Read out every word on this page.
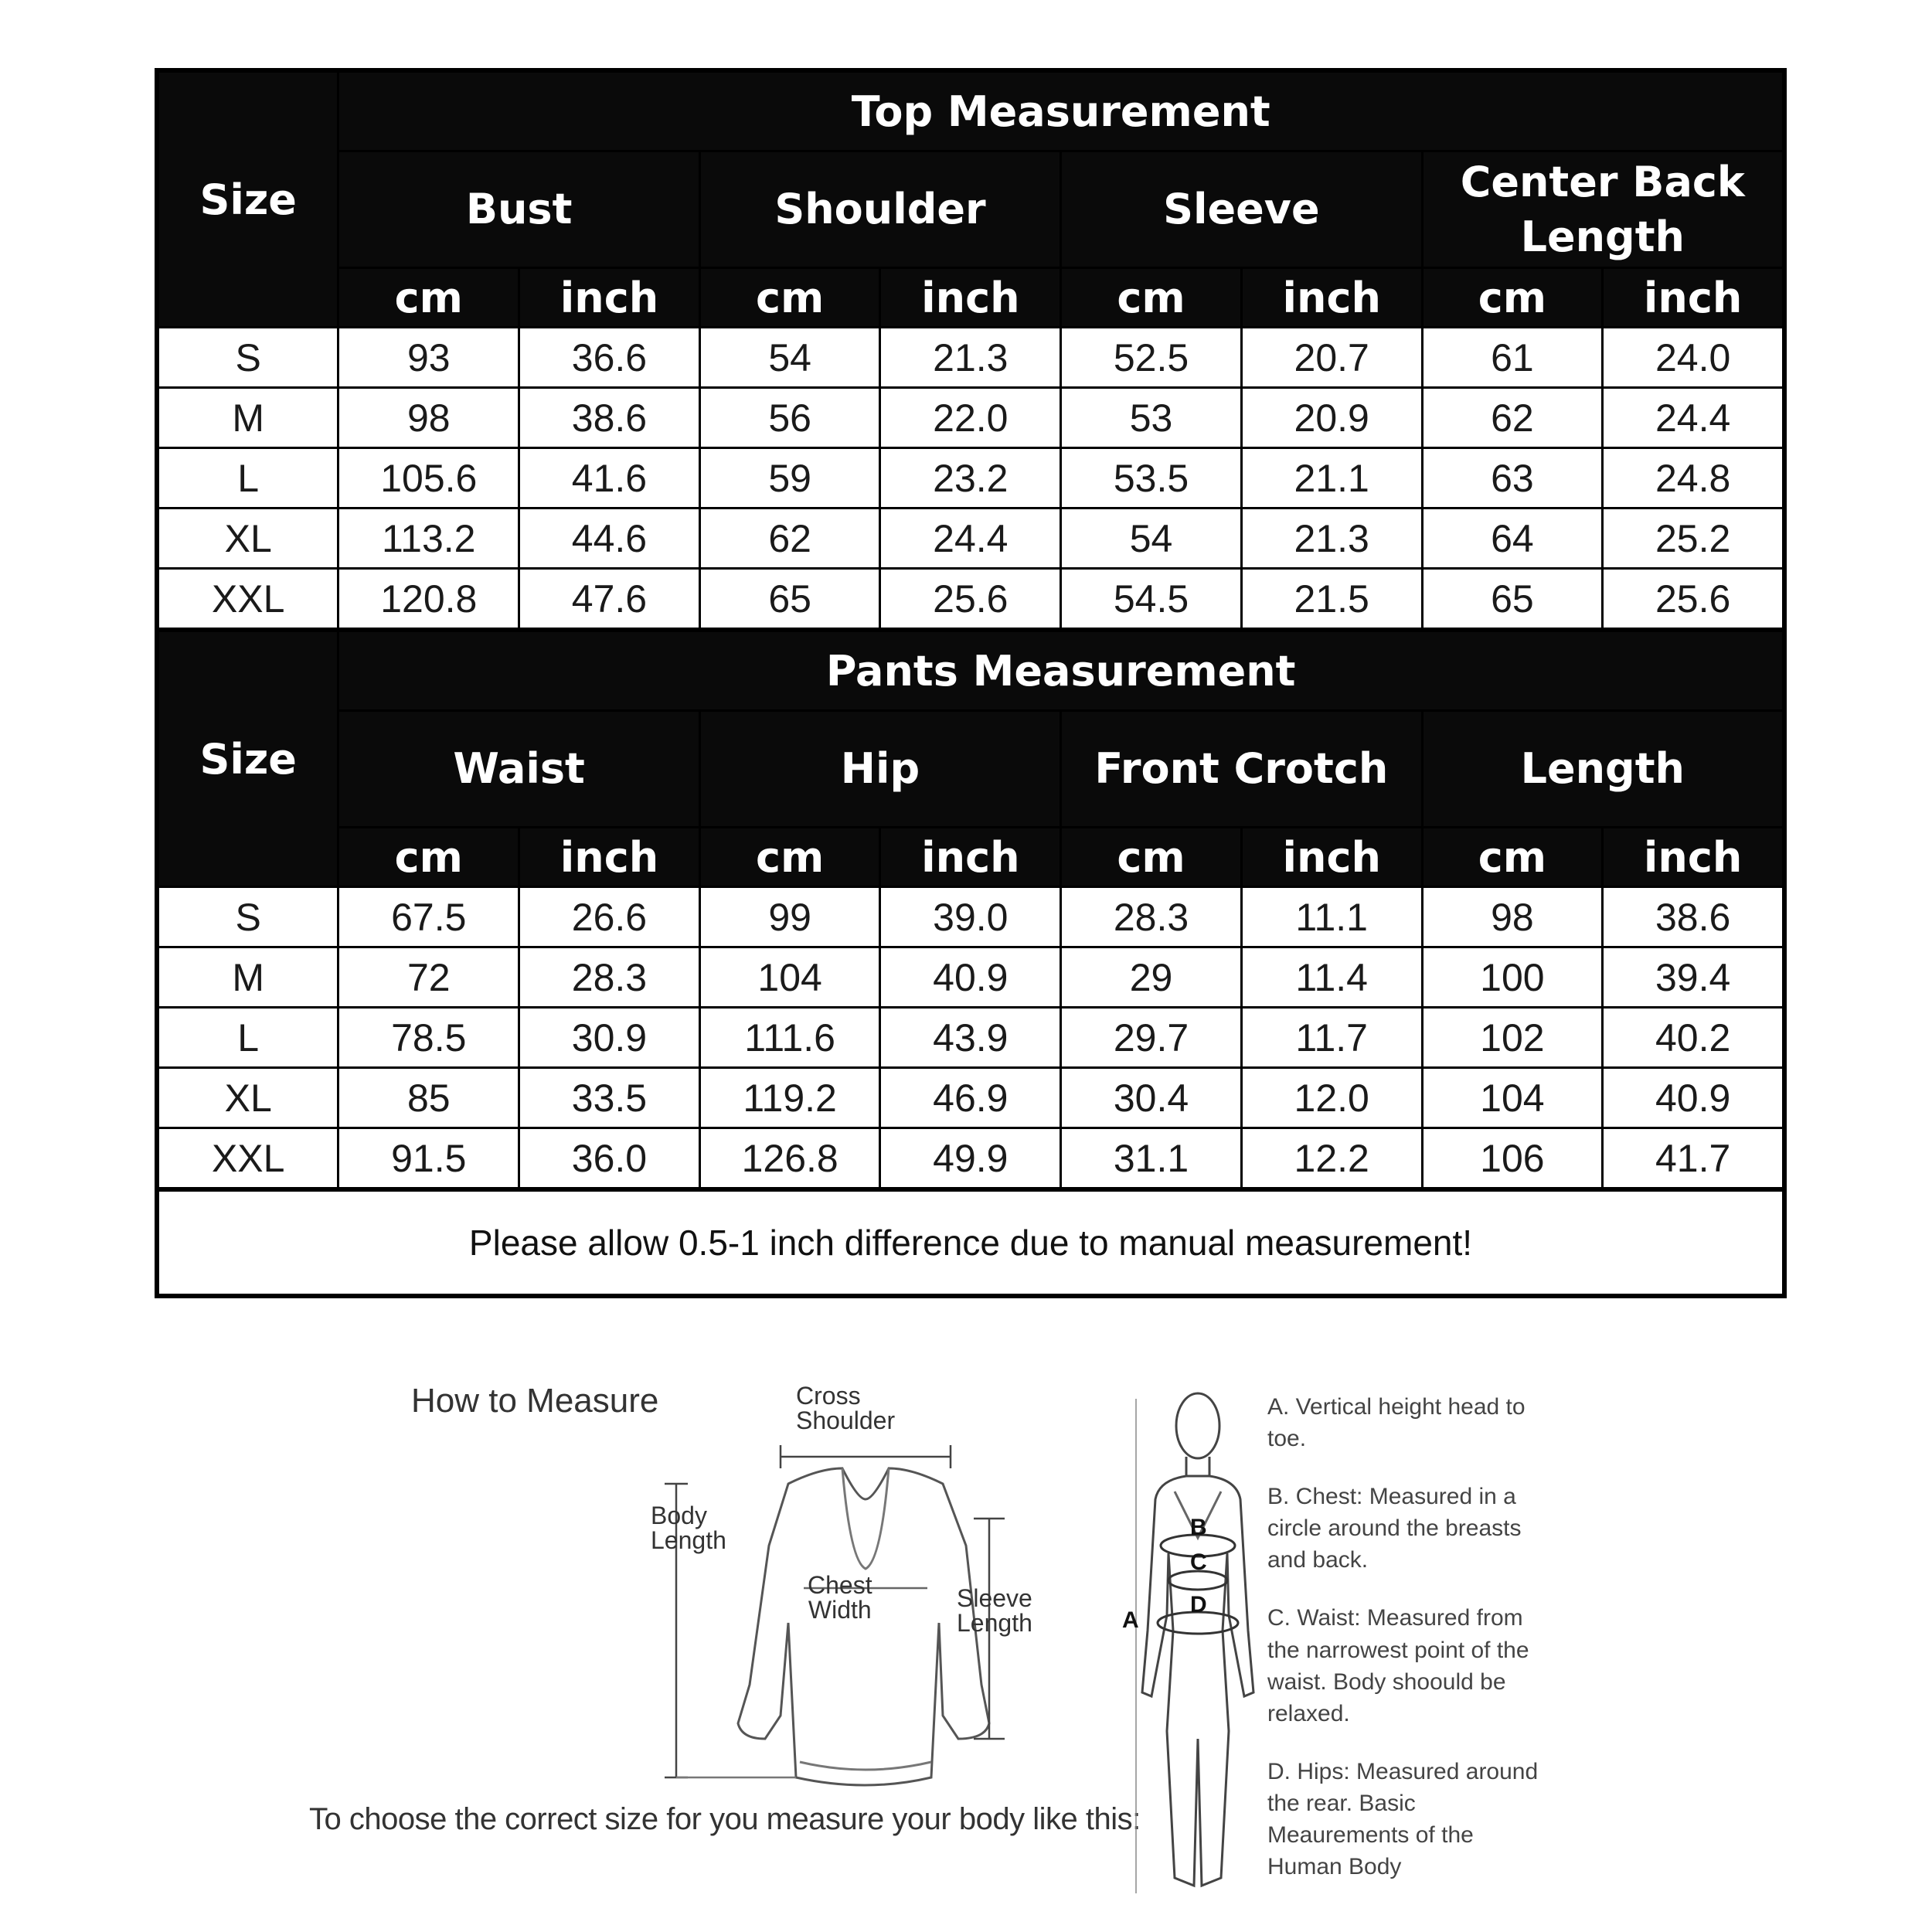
Size	Top Measurement							
	Bust		Shoulder		Sleeve		Center Back Length	
	cm	inch	cm	inch	cm	inch	cm	inch
S	93	36.6	54	21.3	52.5	20.7	61	24.0
M	98	38.6	56	22.0	53	20.9	62	24.4
L	105.6	41.6	59	23.2	53.5	21.1	63	24.8
XL	113.2	44.6	62	24.4	54	21.3	64	25.2
XXL	120.8	47.6	65	25.6	54.5	21.5	65	25.6
Size	Pants Measurement							
	Waist		Hip		Front Crotch		Length	
	cm	inch	cm	inch	cm	inch	cm	inch
S	67.5	26.6	99	39.0	28.3	11.1	98	38.6
M	72	28.3	104	40.9	29	11.4	100	39.4
L	78.5	30.9	111.6	43.9	29.7	11.7	102	40.2
XL	85	33.5	119.2	46.9	30.4	12.0	104	40.9
XXL	91.5	36.0	126.8	49.9	31.1	12.2	106	41.7
Please allow 0.5-1 inch difference due to manual measurement!
How to Measure
To choose the correct size for you measure your body like this:
Cross
Shoulder
Body
Length
Chest
Width	Sleeve
Length
B
C
D
A
A. Vertical height head to toe.
B. Chest: Measured in a circle around the breasts and back.
C. Waist: Measured from the narrowest point of the waist. Body shoould be relaxed.
D. Hips: Measured around the rear. Basic Meaurements of the Human Body
